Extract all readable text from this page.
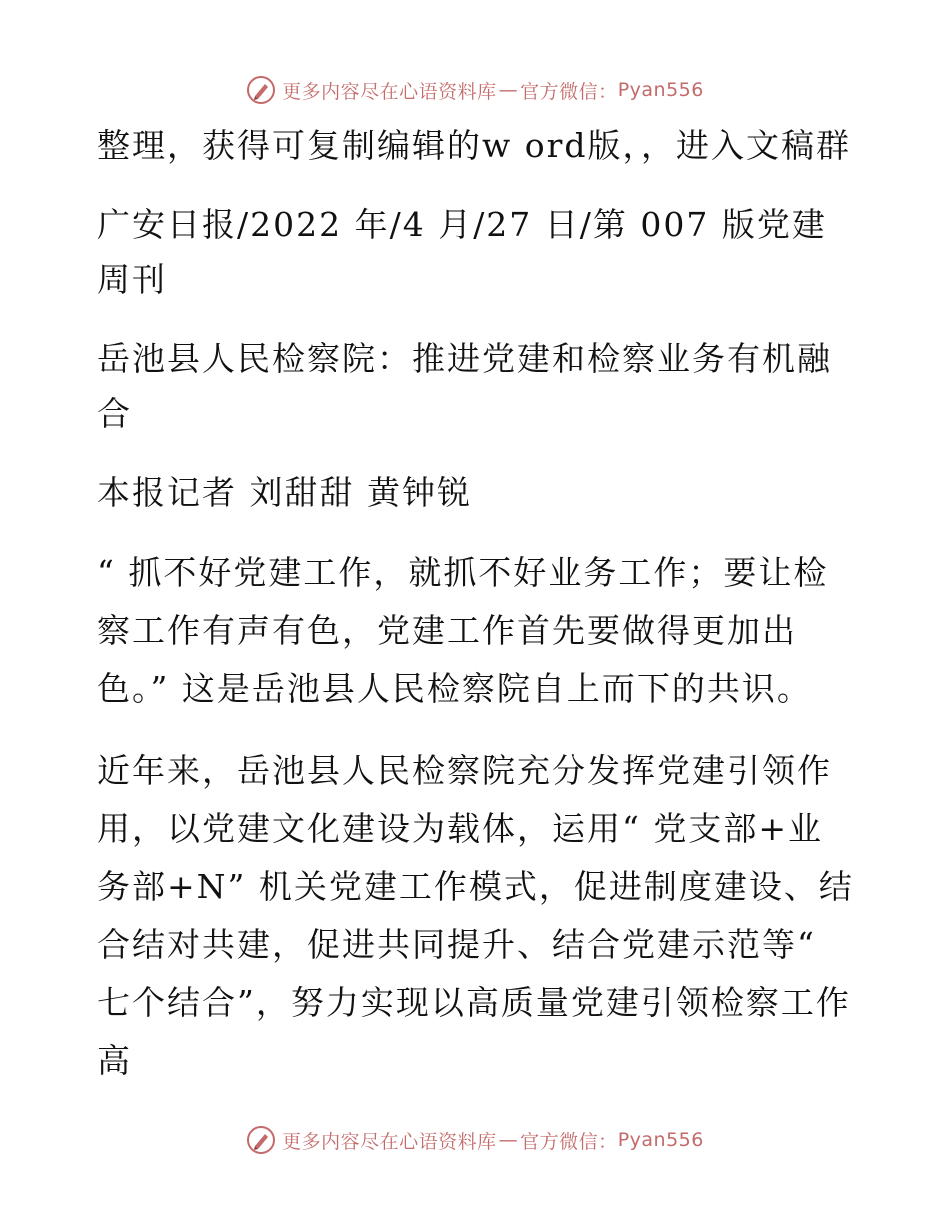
更多内容尽在心语资料库 — 官方微信： Pyan556

整理，获得可复制编辑的w ord版，，进入文稿群

广安日报/2022 年/4 月/27 日/第 007 版党建周刊

岳池县人民检察院：推进党建和检察业务有机融合

本报记者 刘甜甜 黄钟锐

“ 抓不好党建工作，就抓不好业务工作；要让检察工作有声有色，党建工作首先要做得更加出色。” 这是岳池县人民检察院自上而下的共识。

近年来，岳池县人民检察院充分发挥党建引领作用，以党建文化建设为载体，运用“ 党支部+业务部+N” 机关党建工作模式，促进制度建设、结合结对共建，促进共同提升、结合党建示范等“ 七个结合”，努力实现以高质量党建引领检察工作高

更多内容尽在心语资料库 — 官方微信： Pyan556
